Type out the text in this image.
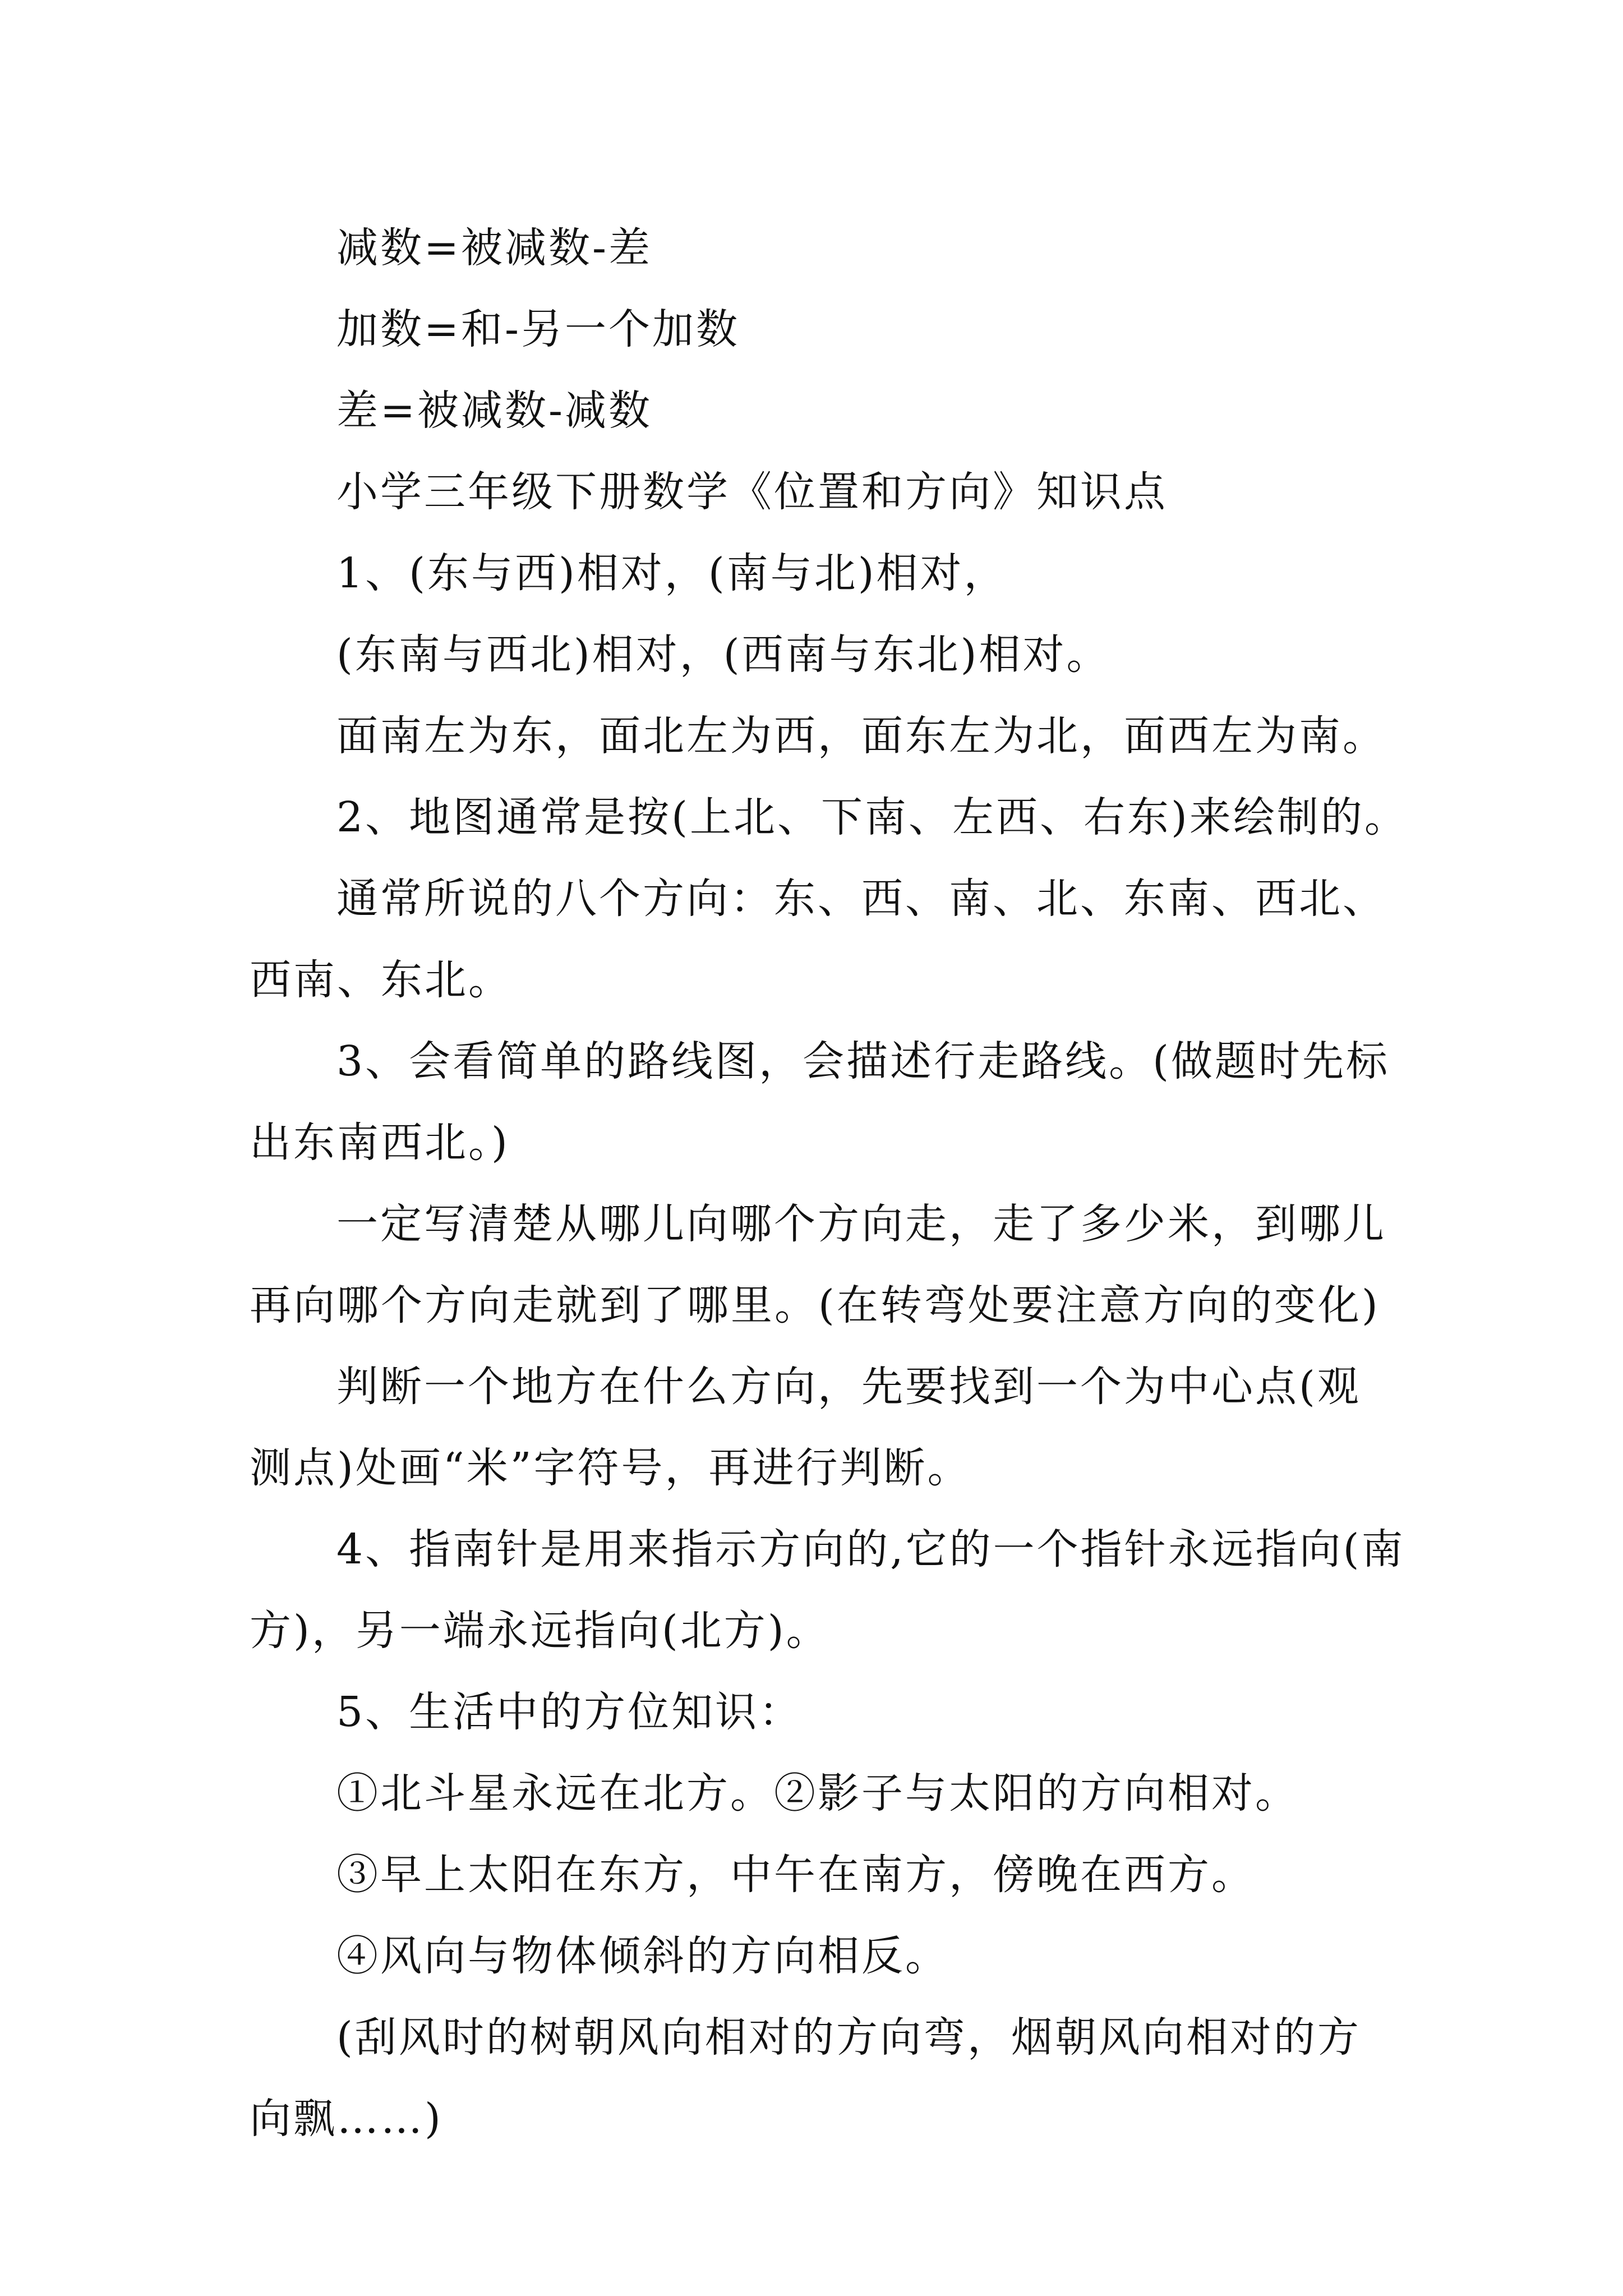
减数=被减数-差
加数=和-另一个加数
差=被减数-减数
小学三年级下册数学《位置和方向》知识点
1、(东与西)相对，(南与北)相对，
(东南与西北)相对，(西南与东北)相对。
面南左为东，面北左为西，面东左为北，面西左为南。
2、地图通常是按(上北、下南、左西、右东)来绘制的。
通常所说的八个方向：东、西、南、北、东南、西北、
西南、东北。
3、会看简单的路线图，会描述行走路线。(做题时先标
出东南西北。)
一定写清楚从哪儿向哪个方向走，走了多少米，到哪儿
再向哪个方向走就到了哪里。(在转弯处要注意方向的变化)
判断一个地方在什么方向，先要找到一个为中心点(观
测点)处画“米”字符号，再进行判断。
4、指南针是用来指示方向的,它的一个指针永远指向(南
方)，另一端永远指向(北方)。
5、生活中的方位知识：
①北斗星永远在北方。②影子与太阳的方向相对。
③早上太阳在东方，中午在南方，傍晚在西方。
④风向与物体倾斜的方向相反。
(刮风时的树朝风向相对的方向弯，烟朝风向相对的方
向飘……)
